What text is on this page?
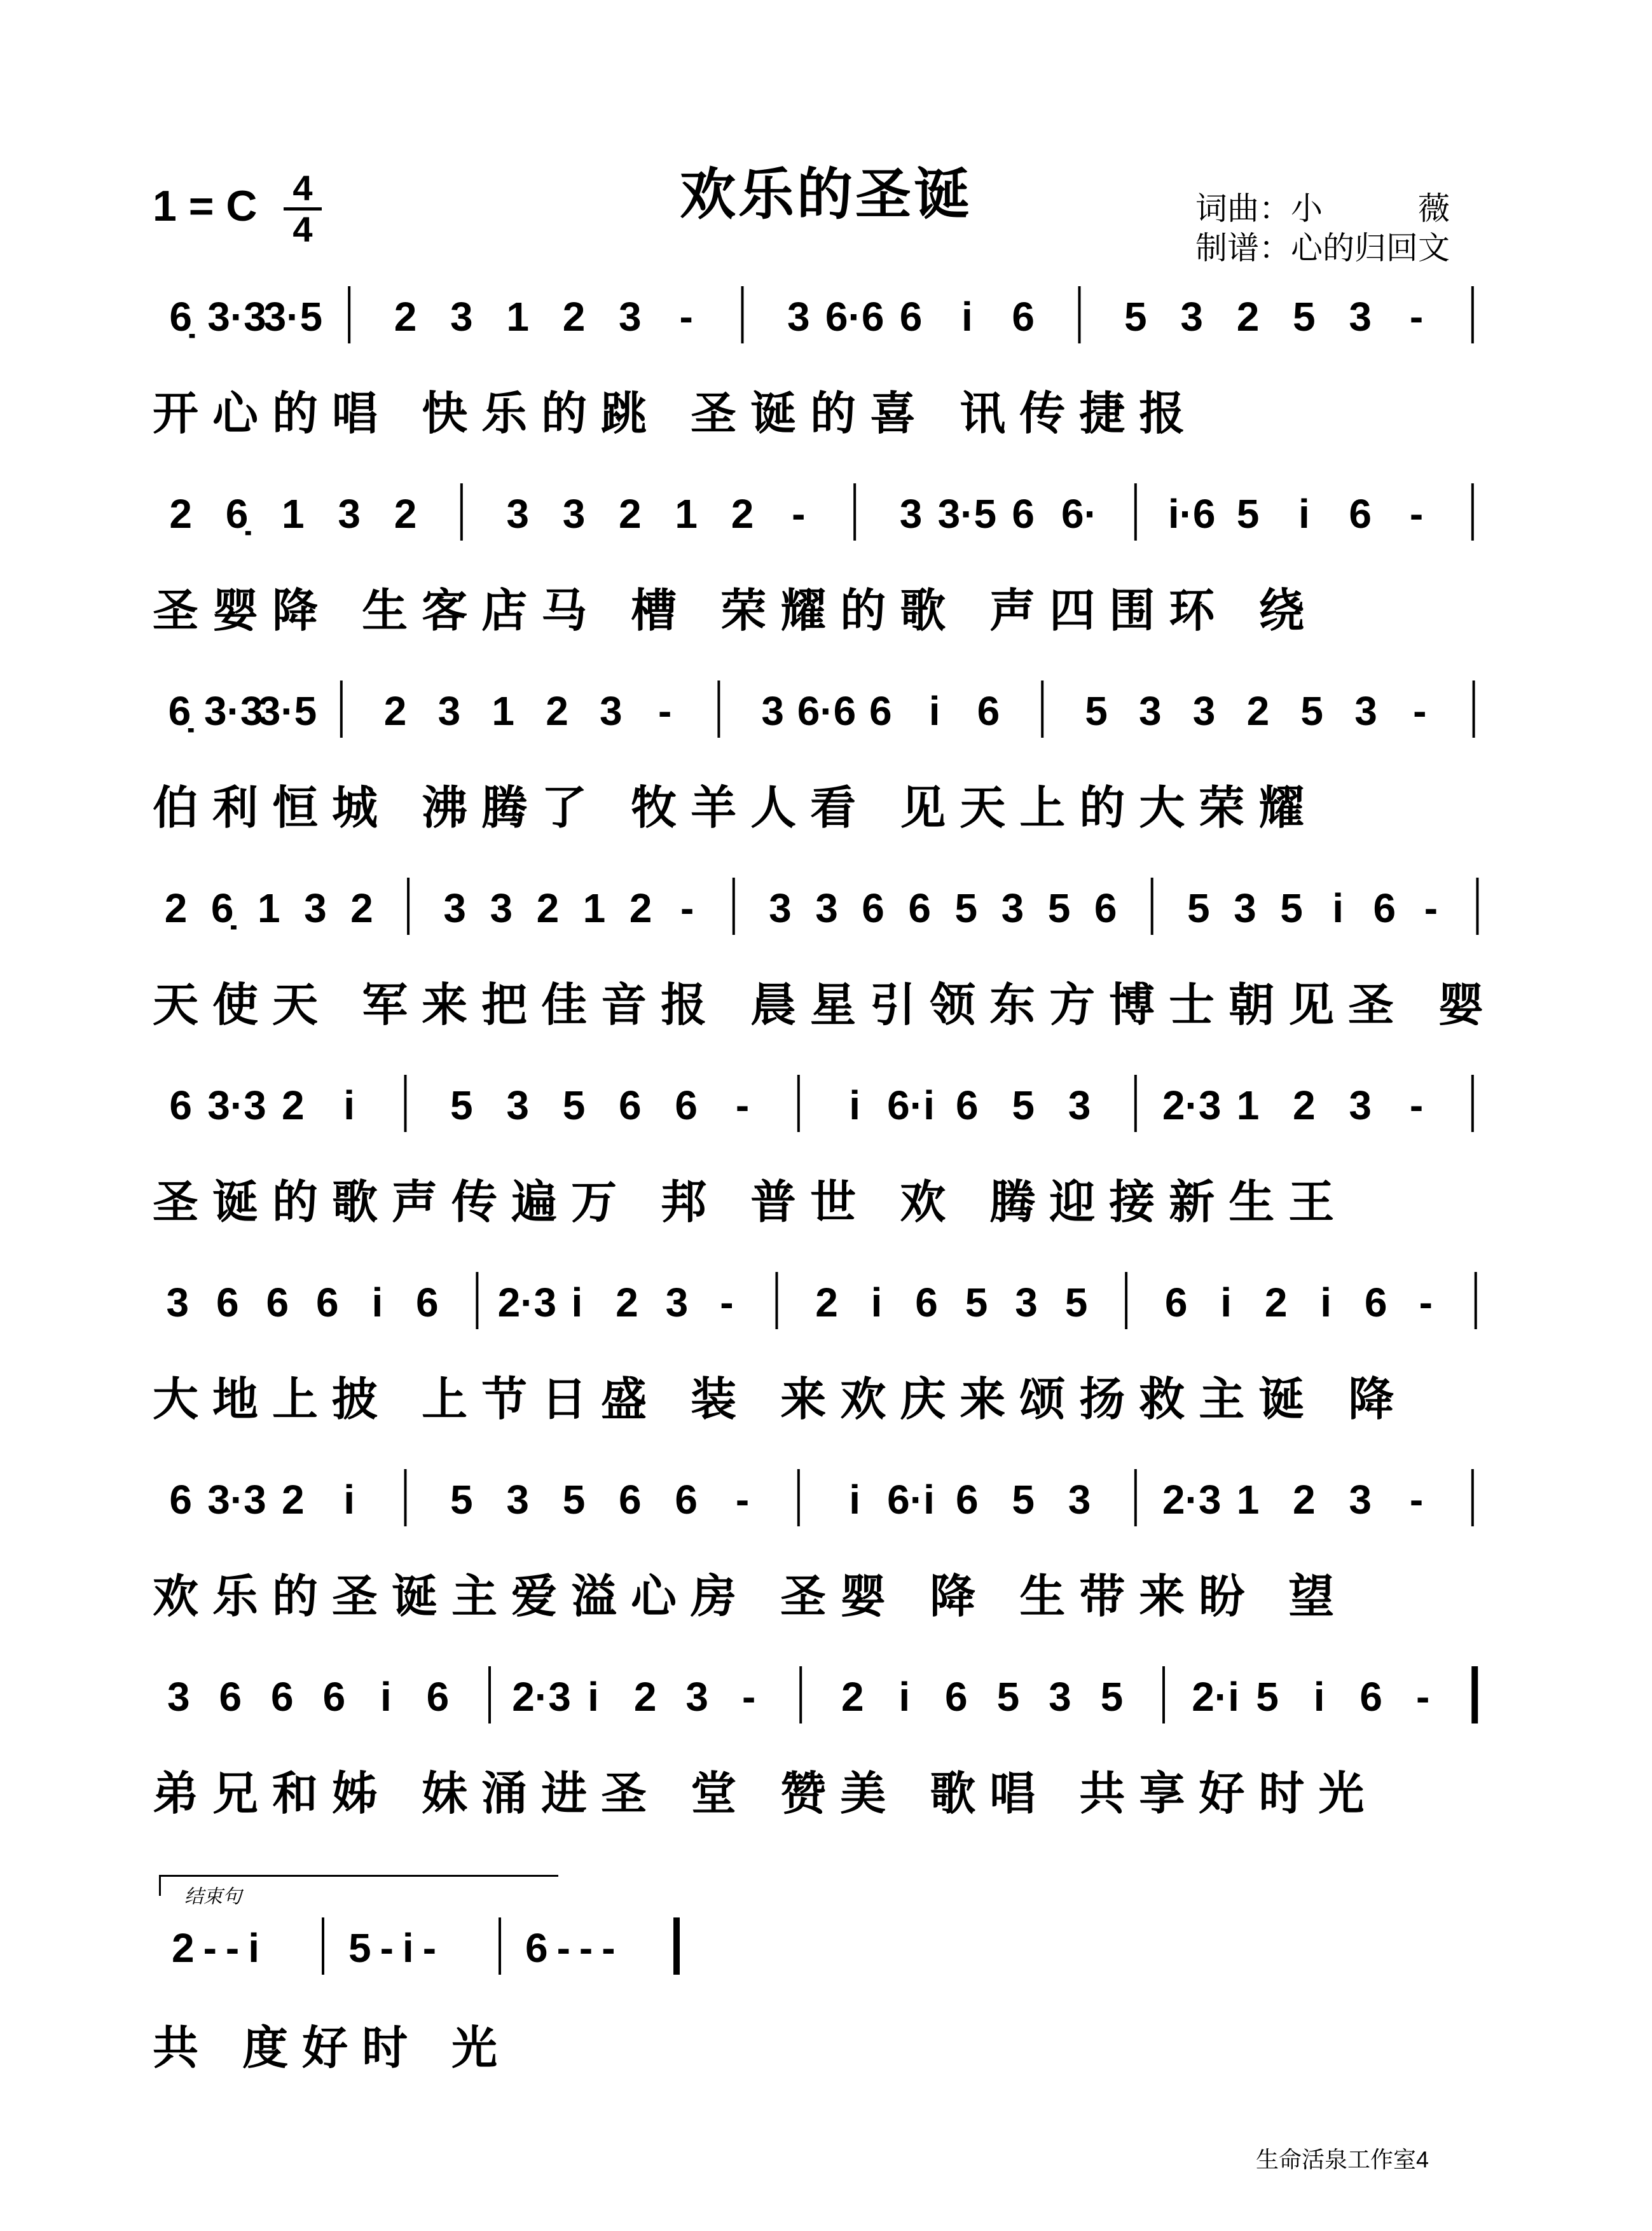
1 = C 4
4
欢乐的圣诞	词曲：小	薇
制谱：心的归回文
结束句
6̣ 3·3
3·5 2 3 1 2 3 - 3 6·6 6 i 6 5 3 2 5 3 -
开心的唱 快乐的跳 圣诞的喜 讯传捷报
2 6̣ 1 3 2 3 3 2 1 2 - 3 3·5 6 6· i·6 5 i 6 -
圣婴降 生客店马 槽 荣耀的歌 声四围环 绕
6̣ 3·3
3·5 2 3 1 2 3 - 3 6·6 6 i 6 5 3 3 2 5 3 -
伯利恒城 沸腾了 牧羊人看 见天上的大荣耀
2 6̣ 1 3 2 3 3 2 1 2 - 3 3 6 6 5 3 5 6 5 3 5 i 6 -
天使天 军来把佳音报 晨星引领东方博士朝见圣 婴
6 3·3 2 i 5 3 5 6 6 - i 6·i 6 5 3 2·3 1 2 3 -
圣诞的歌声传遍万 邦 普世 欢 腾迎接新生王
3 6 6 6 i 6 2·3 i 2 3 - 2 i 6 5 3 5 6 i 2 i 6 -
大地上披 上节日盛 装 来欢庆来颂扬救主诞 降
6 3·3 2 i 5 3 5 6 6 - i 6·i 6 5 3 2·3 1 2 3 -
欢乐的圣诞主爱溢心房 圣婴 降 生带来盼 望
3 6 6 6 i 6 2·3 i 2 3 - 2 i 6 5 3 5 2·i 5 i 6 -
弟兄和姊 妹涌进圣 堂 赞美 歌唱 共享好时光
2--i 5-i- 6---
共 度好时 光
生命活泉工作室4
